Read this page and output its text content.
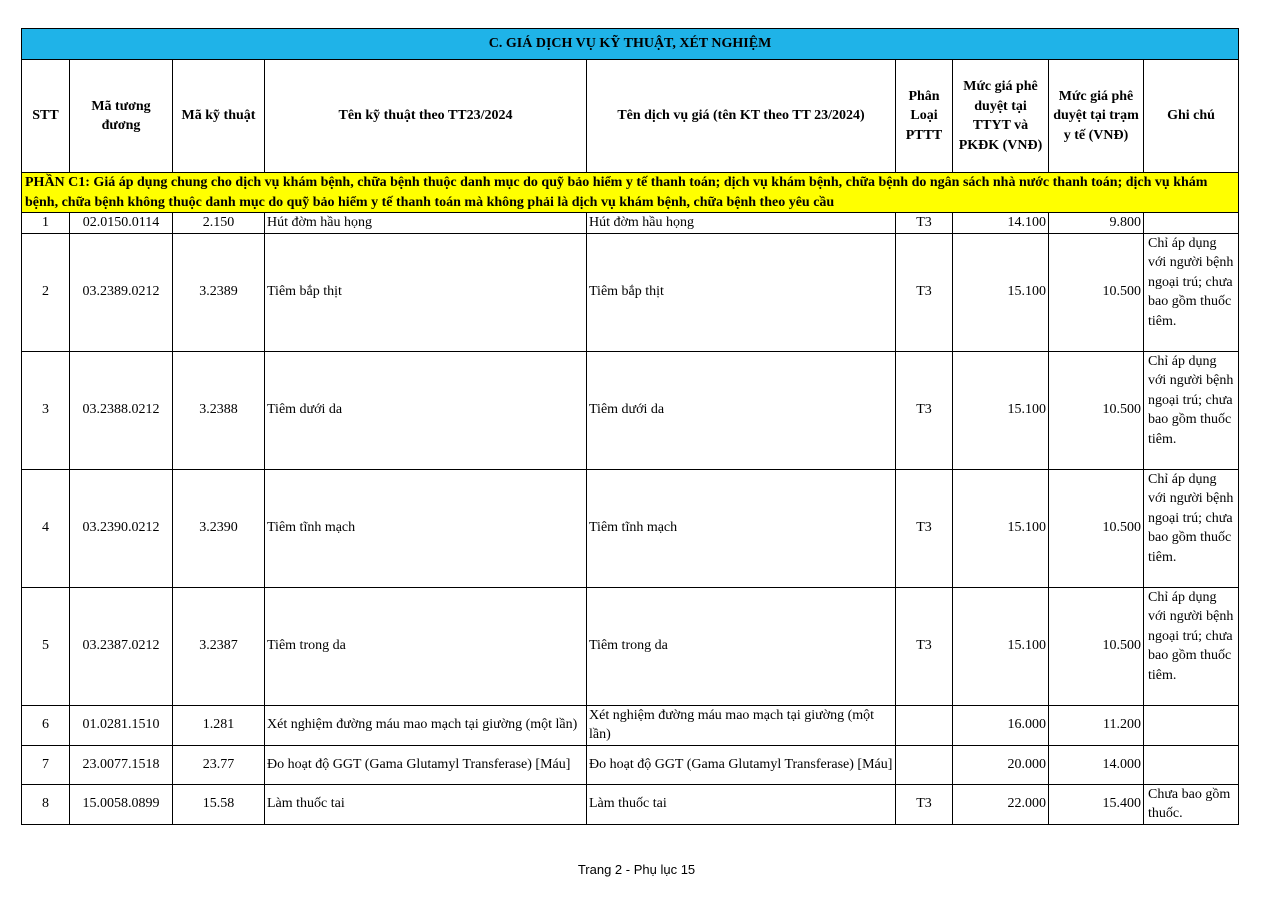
C. GIÁ DỊCH VỤ KỸ THUẬT, XÉT NGHIỆM								
STT	Mã tương đương	Mã kỹ thuật	Tên kỹ thuật theo TT23/2024	Tên dịch vụ giá (tên KT theo TT 23/2024)	Phân Loại PTTT	Mức giá phê duyệt tại TTYT và PKĐK (VNĐ)	Mức giá phê duyệt tại trạm y tế (VNĐ)	Ghi chú
PHẦN C1: Giá áp dụng chung cho dịch vụ khám bệnh, chữa bệnh thuộc danh mục do quỹ bảo hiểm y tế thanh toán; dịch vụ khám bệnh, chữa bệnh do ngân sách nhà nước thanh toán; dịch vụ khám bệnh, chữa bệnh không thuộc danh mục do quỹ bảo hiểm y tế thanh toán mà không phải là dịch vụ khám bệnh, chữa bệnh theo yêu cầu								
1	02.0150.0114	2.150	Hút đờm hầu họng	Hút đờm hầu họng	T3	14.100	9.800	
2	03.2389.0212	3.2389	Tiêm bắp thịt	Tiêm bắp thịt	T3	15.100	10.500	Chỉ áp dụng với người bệnh ngoại trú; chưa bao gồm thuốc tiêm.
3	03.2388.0212	3.2388	Tiêm dưới da	Tiêm dưới da	T3	15.100	10.500	Chỉ áp dụng với người bệnh ngoại trú; chưa bao gồm thuốc tiêm.
4	03.2390.0212	3.2390	Tiêm tĩnh mạch	Tiêm tĩnh mạch	T3	15.100	10.500	Chỉ áp dụng với người bệnh ngoại trú; chưa bao gồm thuốc tiêm.
5	03.2387.0212	3.2387	Tiêm trong da	Tiêm trong da	T3	15.100	10.500	Chỉ áp dụng với người bệnh ngoại trú; chưa bao gồm thuốc tiêm.
6	01.0281.1510	1.281	Xét nghiệm đường máu mao mạch tại giường (một lần)	Xét nghiệm đường máu mao mạch tại giường (một lần)		16.000	11.200	
7	23.0077.1518	23.77	Đo hoạt độ GGT (Gama Glutamyl Transferase) [Máu]	Đo hoạt độ GGT (Gama Glutamyl Transferase) [Máu]		20.000	14.000	
8	15.0058.0899	15.58	Làm thuốc tai	Làm thuốc tai	T3	22.000	15.400	Chưa bao gồm thuốc.
Trang 2 - Phụ lục 15
